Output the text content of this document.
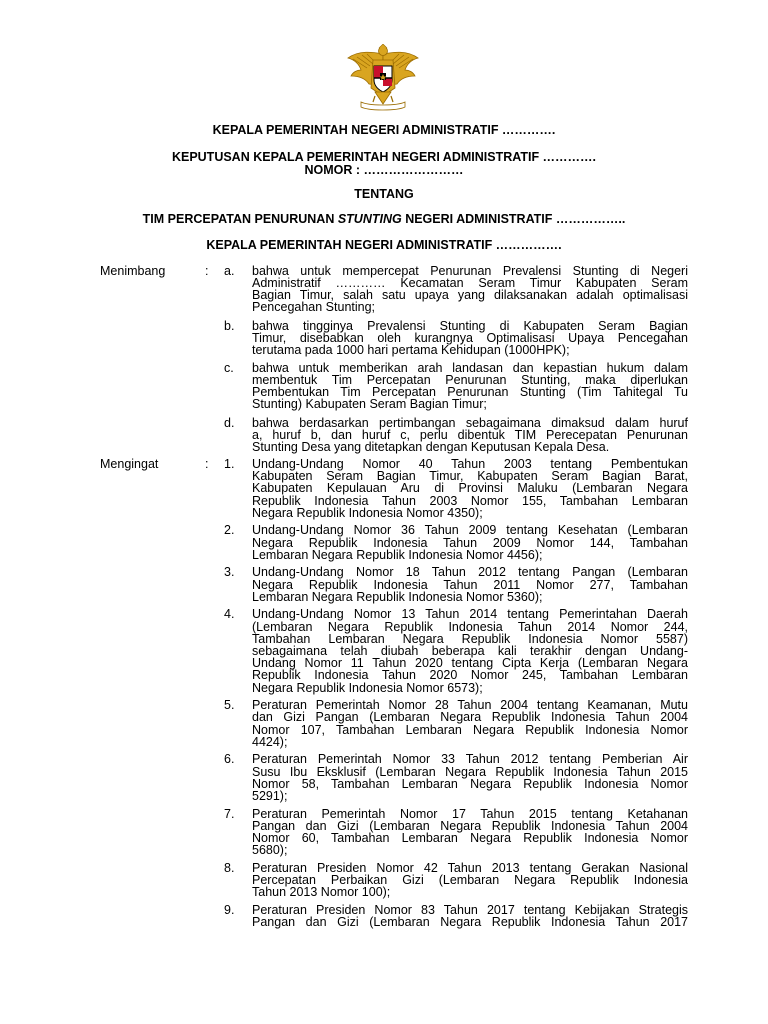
KEPALA PEMERINTAH NEGERI ADMINISTRATIF ………….
KEPUTUSAN KEPALA PEMERINTAH NEGERI ADMINISTRATIF ………….
NOMOR : ……………………
TENTANG
TIM PERCEPATAN PENURUNAN STUNTING NEGERI ADMINISTRATIF ……………..
KEPALA PEMERINTAH NEGERI ADMINISTRATIF …………….
Menimbang	: a. bahwa untuk mempercepat Penurunan Prevalensi Stunting di Negeri
Administratif ………… Kecamatan Seram Timur Kabupaten Seram
Bagian Timur, salah satu upaya yang dilaksanakan adalah optimalisasi
Pencegahan Stunting;
b. bahwa tingginya Prevalensi Stunting di Kabupaten Seram Bagian
Timur, disebabkan oleh kurangnya Optimalisasi Upaya Pencegahan
terutama pada 1000 hari pertama Kehidupan (1000HPK);
c. bahwa untuk memberikan arah landasan dan kepastian hukum dalam
membentuk Tim Percepatan Penurunan Stunting, maka diperlukan
Pembentukan Tim Percepatan Penurunan Stunting (Tim Tahitegal Tu
Stunting) Kabupaten Seram Bagian Timur;
d. bahwa berdasarkan pertimbangan sebagaimana dimaksud dalam huruf
a, huruf b, dan huruf c, perlu dibentuk TIM Perecepatan Penurunan
Stunting Desa yang ditetapkan dengan Keputusan Kepala Desa.
Mengingat	: 1. Undang-Undang Nomor 40 Tahun 2003 tentang Pembentukan
Kabupaten Seram Bagian Timur, Kabupaten Seram Bagian Barat,
Kabupaten Kepulauan Aru di Provinsi Maluku (Lembaran Negara
Republik Indonesia Tahun 2003 Nomor 155, Tambahan Lembaran
Negara Republik Indonesia Nomor 4350);
2. Undang-Undang Nomor 36 Tahun 2009 tentang Kesehatan (Lembaran
Negara Republik Indonesia Tahun 2009 Nomor 144, Tambahan
Lembaran Negara Republik Indonesia Nomor 4456);
3. Undang-Undang Nomor 18 Tahun 2012 tentang Pangan (Lembaran
Negara Republik Indonesia Tahun 2011 Nomor 277, Tambahan
Lembaran Negara Republik Indonesia Nomor 5360);
4. Undang-Undang Nomor 13 Tahun 2014 tentang Pemerintahan Daerah
(Lembaran Negara Republik Indonesia Tahun 2014 Nomor 244,
Tambahan Lembaran Negara Republik Indonesia Nomor 5587)
sebagaimana telah diubah beberapa kali terakhir dengan Undang-
Undang Nomor 11 Tahun 2020 tentang Cipta Kerja (Lembaran Negara
Republik Indonesia Tahun 2020 Nomor 245, Tambahan Lembaran
Negara Republik Indonesia Nomor 6573);
5. Peraturan Pemerintah Nomor 28 Tahun 2004 tentang Keamanan, Mutu
dan Gizi Pangan (Lembaran Negara Republik Indonesia Tahun 2004
Nomor 107, Tambahan Lembaran Negara Republik Indonesia Nomor
4424);
6. Peraturan Pemerintah Nomor 33 Tahun 2012 tentang Pemberian Air
Susu Ibu Eksklusif (Lembaran Negara Republik Indonesia Tahun 2015
Nomor 58, Tambahan Lembaran Negara Republik Indonesia Nomor
5291);
7. Peraturan Pemerintah Nomor 17 Tahun 2015 tentang Ketahanan
Pangan dan Gizi (Lembaran Negara Republik Indonesia Tahun 2004
Nomor 60, Tambahan Lembaran Negara Republik Indonesia Nomor
5680);
8. Peraturan Presiden Nomor 42 Tahun 2013 tentang Gerakan Nasional
Percepatan Perbaikan Gizi (Lembaran Negara Republik Indonesia
Tahun 2013 Nomor 100);
9. Peraturan Presiden Nomor 83 Tahun 2017 tentang Kebijakan Strategis
Pangan dan Gizi (Lembaran Negara Republik Indonesia Tahun 2017
